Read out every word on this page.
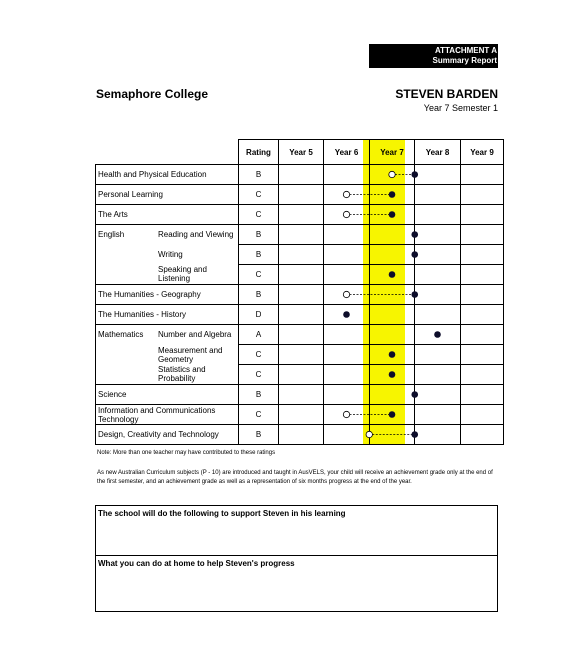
ATTACHMENT A
Summary Report
Semaphore College	STEVEN BARDEN
Year 7 Semester 1
	Rating	Year 5	Year 6	Year 7	Year 8	Year 9
Health and Physical Education	B					
Personal Learning	C					
The Arts	C					

English Reading and Viewing	B					

Writing	B					

Speaking and Listening	C					
The Humanities - Geography	B					
The Humanities - History	D					

Mathematics Number and Algebra	A					

Measurement and Geometry	C					

Statistics and Probability	C					
Science	B					
Information and Communications Technology	C					
Design, Creativity and Technology	B					
Note: More than one teacher may have contributed to these ratings
As new Australian Curriculum subjects (P - 10) are introduced and taught in AusVELS, your child will receive an achievement grade only at the end of the first semester, and an achievement grade as well as a representation of six months progress at the end of the year.
The school will do the following to support Steven in his learning
What you can do at home to help Steven's progress
